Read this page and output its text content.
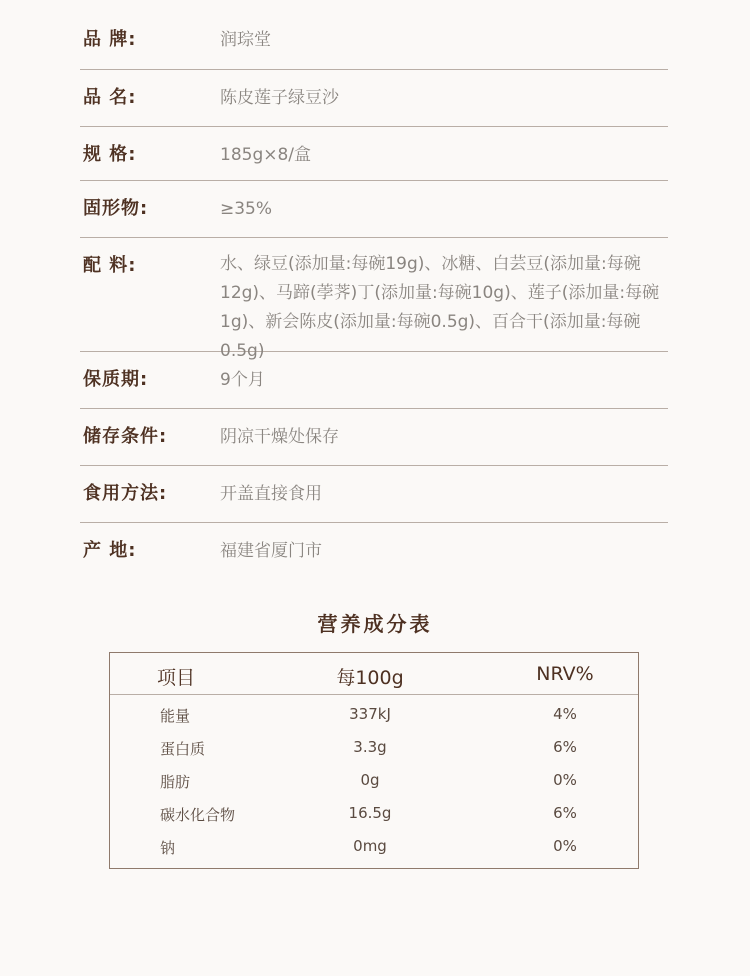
品 牌:	润琮堂
品 名:	陈皮莲子绿豆沙
规 格:	185g×8/盒
固形物:	≥35%
配 料:	水、绿豆(添加量:每碗19g)、冰糖、白芸豆(添加量:每碗12g)、马蹄(荸荠)丁(添加量:每碗10g)、莲子(添加量:每碗1g)、新会陈皮(添加量:每碗0.5g)、百合干(添加量:每碗0.5g)
保质期:	9个月
储存条件:	阴凉干燥处保存
食用方法:	开盖直接食用
产 地:	福建省厦门市
营养成分表
项目	每100g	NRV%
能量	337kJ	4%
蛋白质	3.3g	6%
脂肪	0g	0%
碳水化合物	16.5g	6%
钠	0mg	0%
